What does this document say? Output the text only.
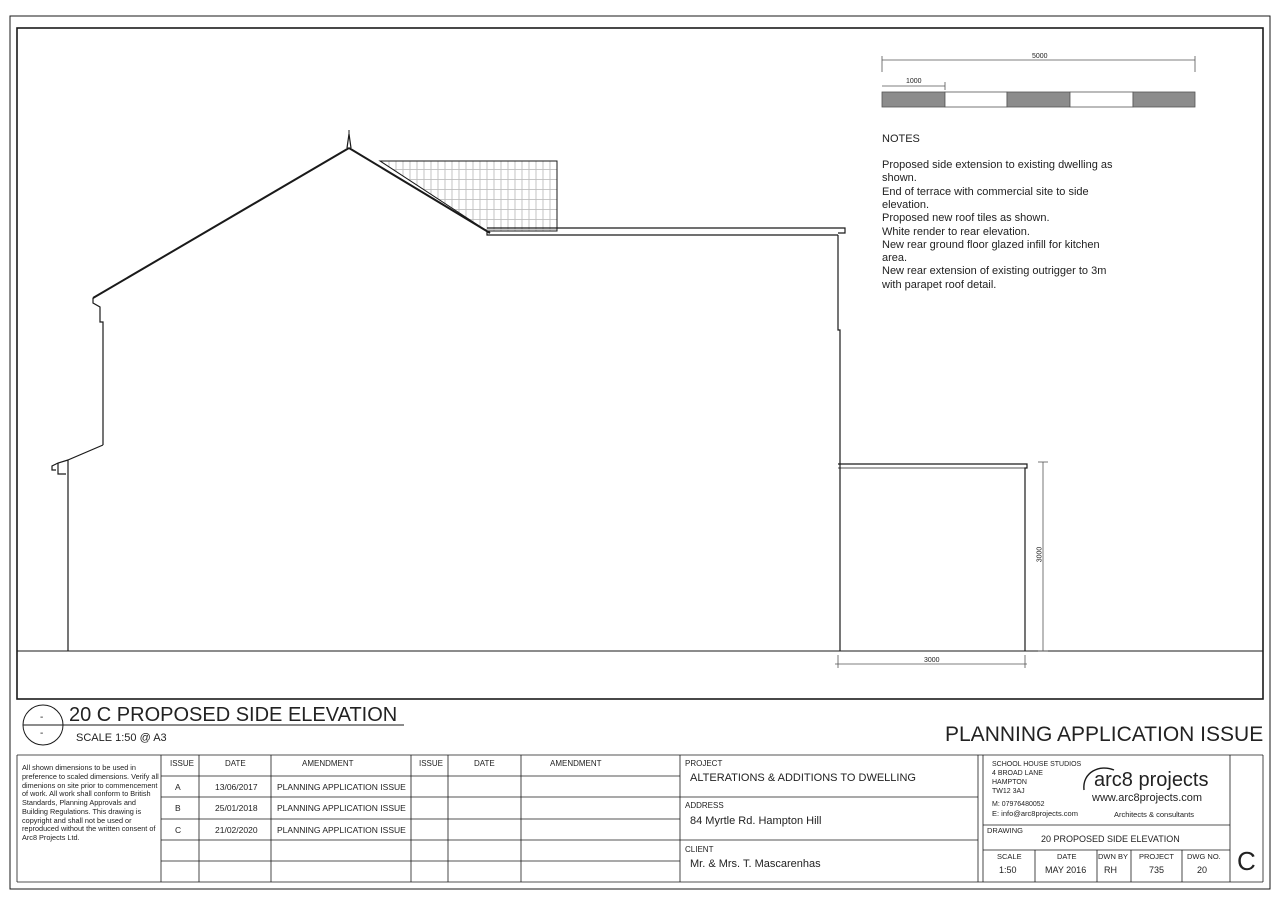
5000
1000
NOTES
Proposed side extension to existing dwelling as
shown.
End of terrace with commercial site to side
elevation.
Proposed new roof tiles as shown.
White render to rear elevation.
New rear ground floor glazed infill for kitchen
area.
New rear extension of existing outrigger to 3m
with parapet roof detail.
3000
3000
-
-
20 C PROPOSED SIDE ELEVATION
SCALE 1:50 @ A3	PLANNING APPLICATION ISSUE
All shown dimensions to be used in preference to scaled dimensions. Verify all dimenions on site prior to commencement of work. All work shall conform to British Standards, Planning Approvals and Building Regulations. This drawing is copyright and shall not be used or reproduced without the written consent of Arc8 Projects Ltd.
ISSUE	DATE	AMENDMENT	ISSUE	DATE	AMENDMENT
A	13/06/2017 PLANNING APPLICATION ISSUE
B	25/01/2018 PLANNING APPLICATION ISSUE
C	21/02/2020 PLANNING APPLICATION ISSUE
PROJECT
ALTERATIONS & ADDITIONS TO DWELLING
ADDRESS
84 Myrtle Rd. Hampton Hill
CLIENT
Mr. & Mrs. T. Mascarenhas
SCHOOL HOUSE STUDIOS
4 BROAD LANE
HAMPTON
TW12 3AJ
M: 07976480052
E: info@arc8projects.com
arc8 projects
www.arc8projects.com
Architects & consultants
DRAWING
20 PROPOSED SIDE ELEVATION
SCALE
1:50
DATE
MAY 2016
DWN BY
RH
PROJECT
735
DWG NO.
20 C
